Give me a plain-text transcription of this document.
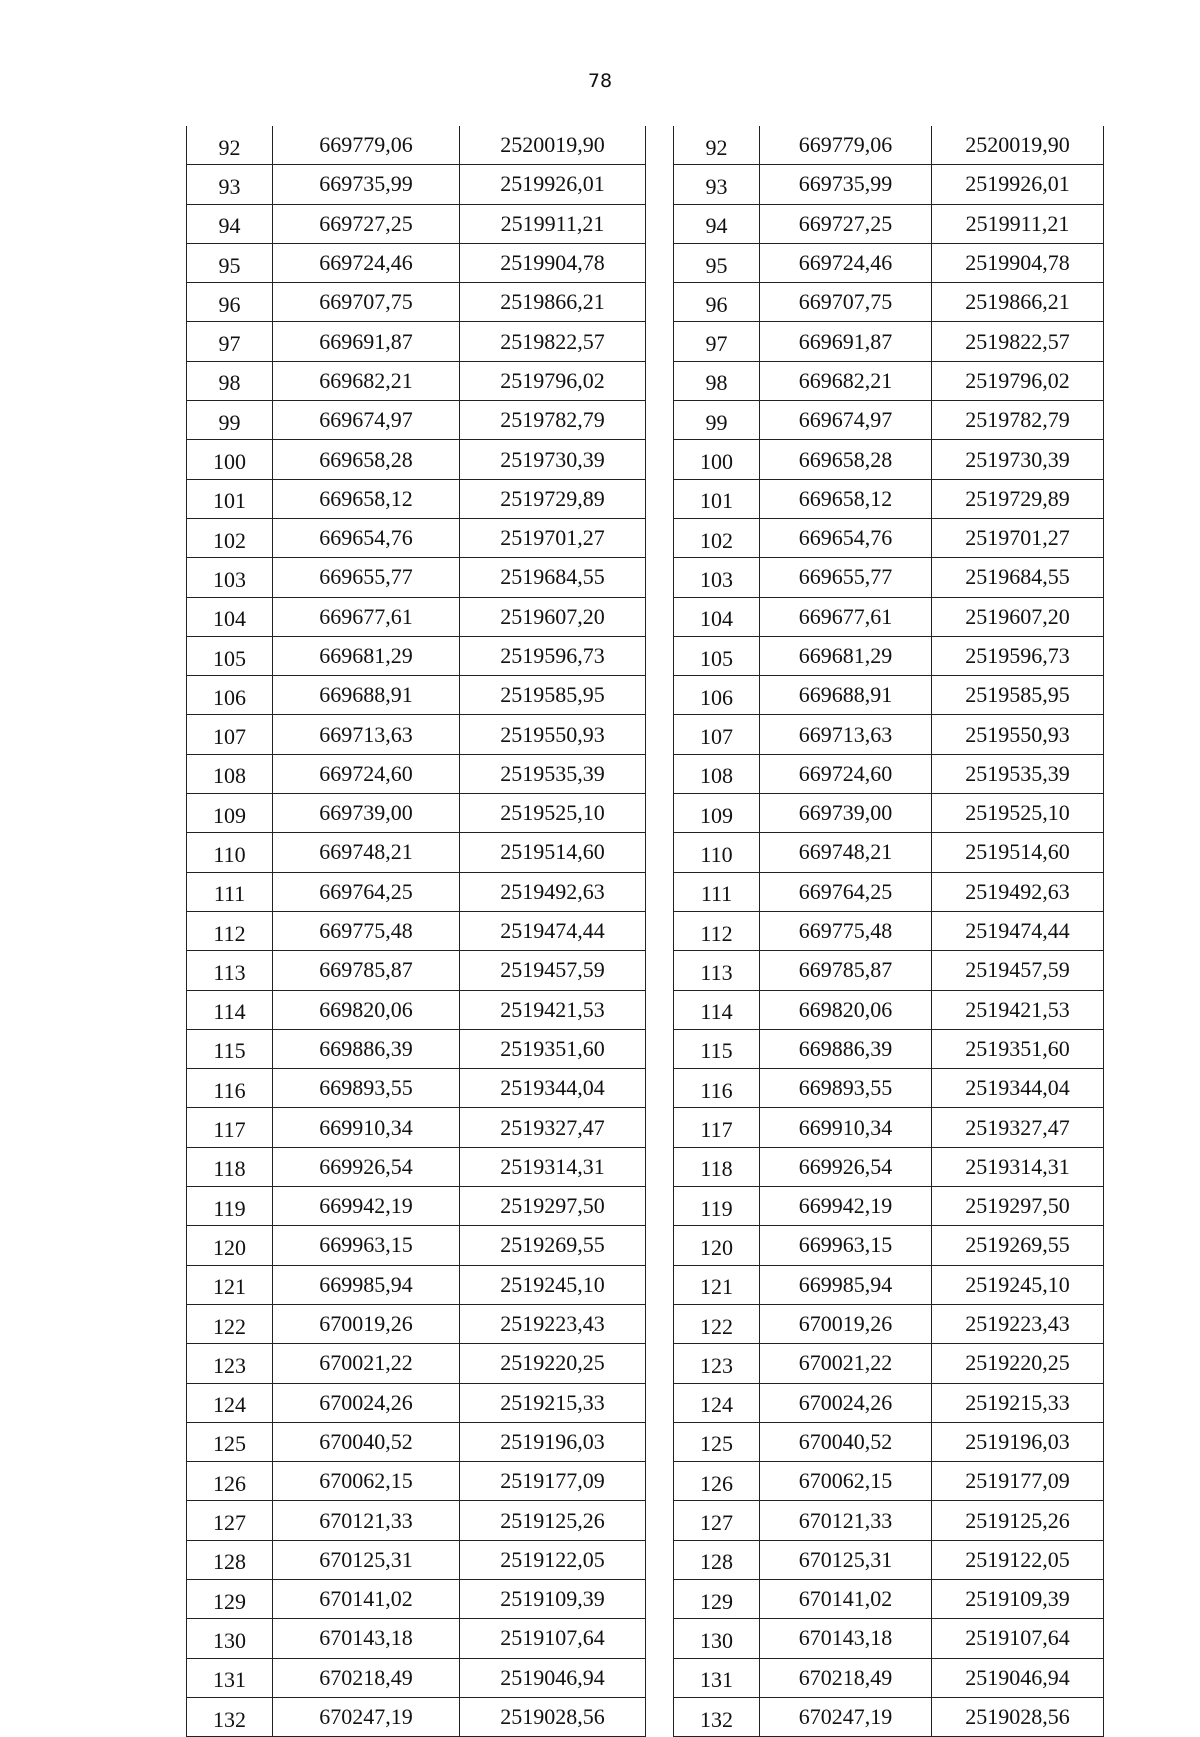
78
92	669779,06	2520019,90
93	669735,99	2519926,01
94	669727,25	2519911,21
95	669724,46	2519904,78
96	669707,75	2519866,21
97	669691,87	2519822,57
98	669682,21	2519796,02
99	669674,97	2519782,79
100	669658,28	2519730,39
101	669658,12	2519729,89
102	669654,76	2519701,27
103	669655,77	2519684,55
104	669677,61	2519607,20
105	669681,29	2519596,73
106	669688,91	2519585,95
107	669713,63	2519550,93
108	669724,60	2519535,39
109	669739,00	2519525,10
110	669748,21	2519514,60
111	669764,25	2519492,63
112	669775,48	2519474,44
113	669785,87	2519457,59
114	669820,06	2519421,53
115	669886,39	2519351,60
116	669893,55	2519344,04
117	669910,34	2519327,47
118	669926,54	2519314,31
119	669942,19	2519297,50
120	669963,15	2519269,55
121	669985,94	2519245,10
122	670019,26	2519223,43
123	670021,22	2519220,25
124	670024,26	2519215,33
125	670040,52	2519196,03
126	670062,15	2519177,09
127	670121,33	2519125,26
128	670125,31	2519122,05
129	670141,02	2519109,39
130	670143,18	2519107,64
131	670218,49	2519046,94
132	670247,19	2519028,56
92	669779,06	2520019,90
93	669735,99	2519926,01
94	669727,25	2519911,21
95	669724,46	2519904,78
96	669707,75	2519866,21
97	669691,87	2519822,57
98	669682,21	2519796,02
99	669674,97	2519782,79
100	669658,28	2519730,39
101	669658,12	2519729,89
102	669654,76	2519701,27
103	669655,77	2519684,55
104	669677,61	2519607,20
105	669681,29	2519596,73
106	669688,91	2519585,95
107	669713,63	2519550,93
108	669724,60	2519535,39
109	669739,00	2519525,10
110	669748,21	2519514,60
111	669764,25	2519492,63
112	669775,48	2519474,44
113	669785,87	2519457,59
114	669820,06	2519421,53
115	669886,39	2519351,60
116	669893,55	2519344,04
117	669910,34	2519327,47
118	669926,54	2519314,31
119	669942,19	2519297,50
120	669963,15	2519269,55
121	669985,94	2519245,10
122	670019,26	2519223,43
123	670021,22	2519220,25
124	670024,26	2519215,33
125	670040,52	2519196,03
126	670062,15	2519177,09
127	670121,33	2519125,26
128	670125,31	2519122,05
129	670141,02	2519109,39
130	670143,18	2519107,64
131	670218,49	2519046,94
132	670247,19	2519028,56
